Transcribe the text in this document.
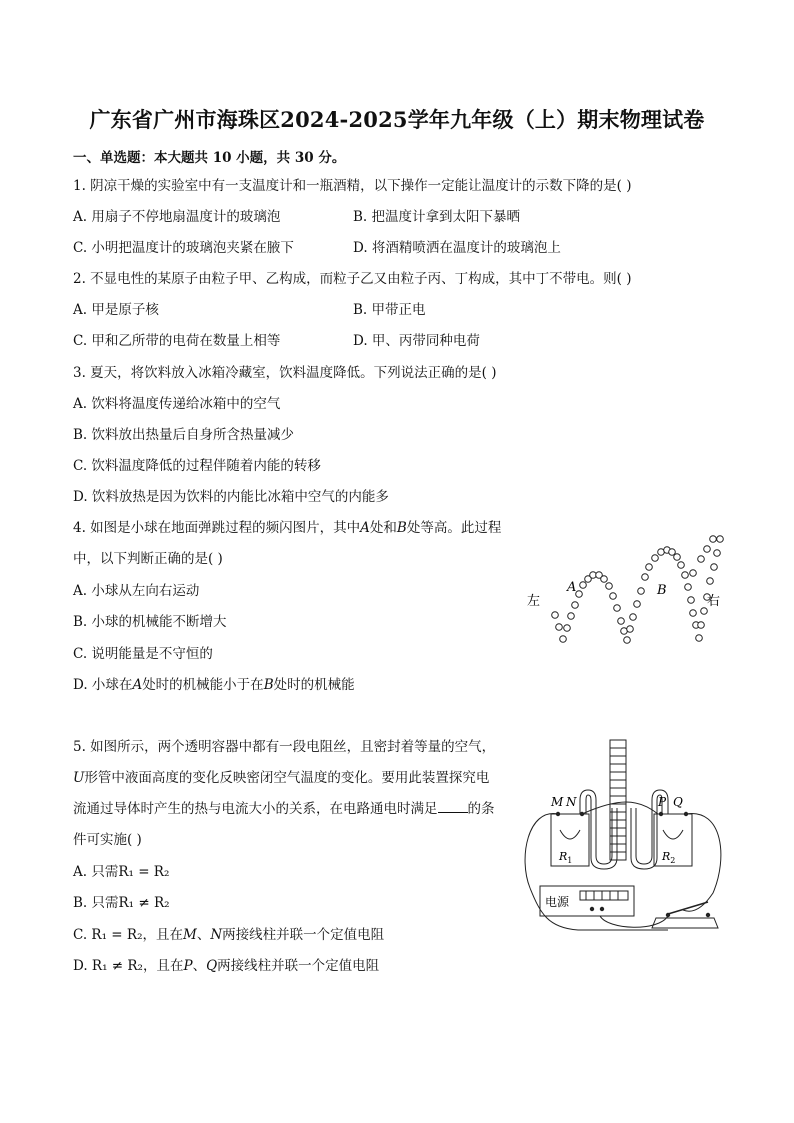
广东省广州市海珠区2024-2025学年九年级（上）期末物理试卷
一、单选题：本大题共 10 小题，共 30 分。
1. 阴凉干燥的实验室中有一支温度计和一瓶酒精，以下操作一定能让温度计的示数下降的是( )
A. 用扇子不停地扇温度计的玻璃泡	B. 把温度计拿到太阳下暴晒
C. 小明把温度计的玻璃泡夹紧在腋下	D. 将酒精喷洒在温度计的玻璃泡上
2. 不显电性的某原子由粒子甲、乙构成，而粒子乙又由粒子丙、丁构成，其中丁不带电。则( )
A. 甲是原子核	B. 甲带正电
C. 甲和乙所带的电荷在数量上相等	D. 甲、丙带同种电荷
3. 夏天，将饮料放入冰箱冷藏室，饮料温度降低。下列说法正确的是( )
A. 饮料将温度传递给冰箱中的空气
B. 饮料放出热量后自身所含热量减少
C. 饮料温度降低的过程伴随着内能的转移
D. 饮料放热是因为饮料的内能比冰箱中空气的内能多
4. 如图是小球在地面弹跳过程的频闪图片，其中A处和B处等高。此过程
中，以下判断正确的是( )
A. 小球从左向右运动
B. 小球的机械能不断增大
C. 说明能量是不守恒的
D. 小球在A处时的机械能小于在B处时的机械能
左	右
A	B
5. 如图所示，两个透明容器中都有一段电阻丝，且密封着等量的空气，
U形管中液面高度的变化反映密闭空气温度的变化。要用此装置探究电
流通过导体时产生的热与电流大小的关系，在电路通电时满足 的条
件可实施( )
A. 只需R₁ = R₂
B. 只需R₁ ≠ R₂
C. R₁ = R₂，且在M、N两接线柱并联一个定值电阻
D. R₁ ≠ R₂，且在P、Q两接线柱并联一个定值电阻
M N	P Q
$R_1$	$R_2$
电源
